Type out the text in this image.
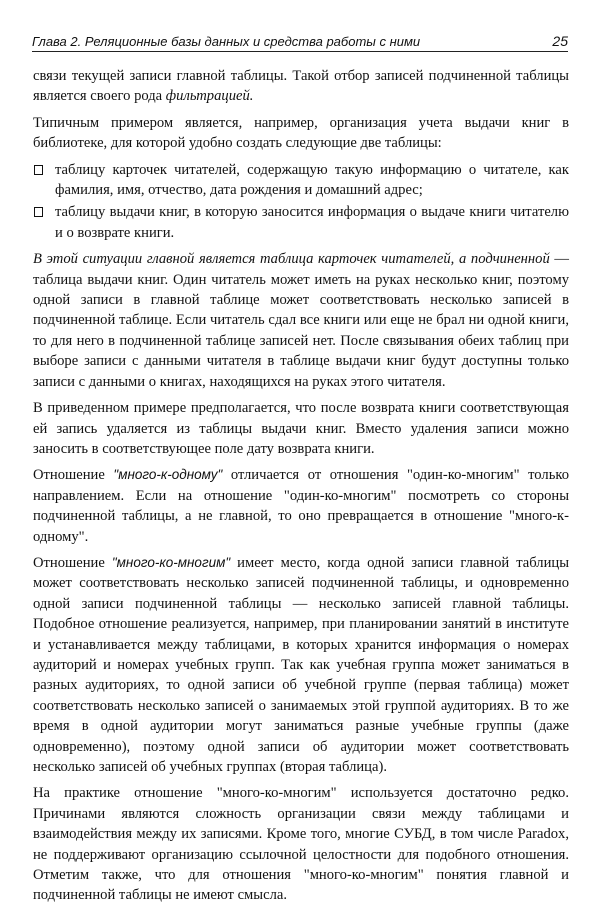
Глава 2. Реляционные базы данных и средства работы с ними	25

связи текущей записи главной таблицы. Такой отбор записей подчиненной таблицы является своего рода фильтрацией.

Типичным примером является, например, организация учета выдачи книг в библиотеке, для которой удобно создать следующие две таблицы:

таблицу карточек читателей, содержащую такую информацию о читателе, как фамилия, имя, отчество, дата рождения и домашний адрес;
таблицу выдачи книг, в которую заносится информация о выдаче книги читателю и о возврате книги.

В этой ситуации главной является таблица карточек читателей, а подчиненной — таблица выдачи книг. Один читатель может иметь на руках несколько книг, поэтому одной записи в главной таблице может соответствовать несколько записей в подчиненной таблице. Если читатель сдал все книги или еще не брал ни одной книги, то для него в подчиненной таблице записей нет. После связывания обеих таблиц при выборе записи с данными читателя в таблице выдачи книг будут доступны только записи с данными о книгах, находящихся на руках этого читателя.

В приведенном примере предполагается, что после возврата книги соответствующая ей запись удаляется из таблицы выдачи книг. Вместо удаления записи можно заносить в соответствующее поле дату возврата книги.

Отношение "много-к-одному" отличается от отношения "один-ко-многим" только направлением. Если на отношение "один-ко-многим" посмотреть со стороны подчиненной таблицы, а не главной, то оно превращается в отношение "много-к-одному".

Отношение "много-ко-многим" имеет место, когда одной записи главной таблицы может соответствовать несколько записей подчиненной таблицы, и одновременно одной записи подчиненной таблицы — несколько записей главной таблицы. Подобное отношение реализуется, например, при планировании занятий в институте и устанавливается между таблицами, в которых хранится информация о номерах аудиторий и номерах учебных групп. Так как учебная группа может заниматься в разных аудиториях, то одной записи об учебной группе (первая таблица) может соответствовать несколько записей о занимаемых этой группой аудиториях. В то же время в одной аудитории могут заниматься разные учебные группы (даже одновременно), поэтому одной записи об аудитории может соответствовать несколько записей об учебных группах (вторая таблица).

На практике отношение "много-ко-многим" используется достаточно редко. Причинами являются сложность организации связи между таблицами и взаимодействия между их записями. Кроме того, многие СУБД, в том числе Paradox, не поддерживают организацию ссылочной целостности для подобного отношения. Отметим также, что для отношения "много-ко-многим" понятия главной и подчиненной таблицы не имеют смысла.
